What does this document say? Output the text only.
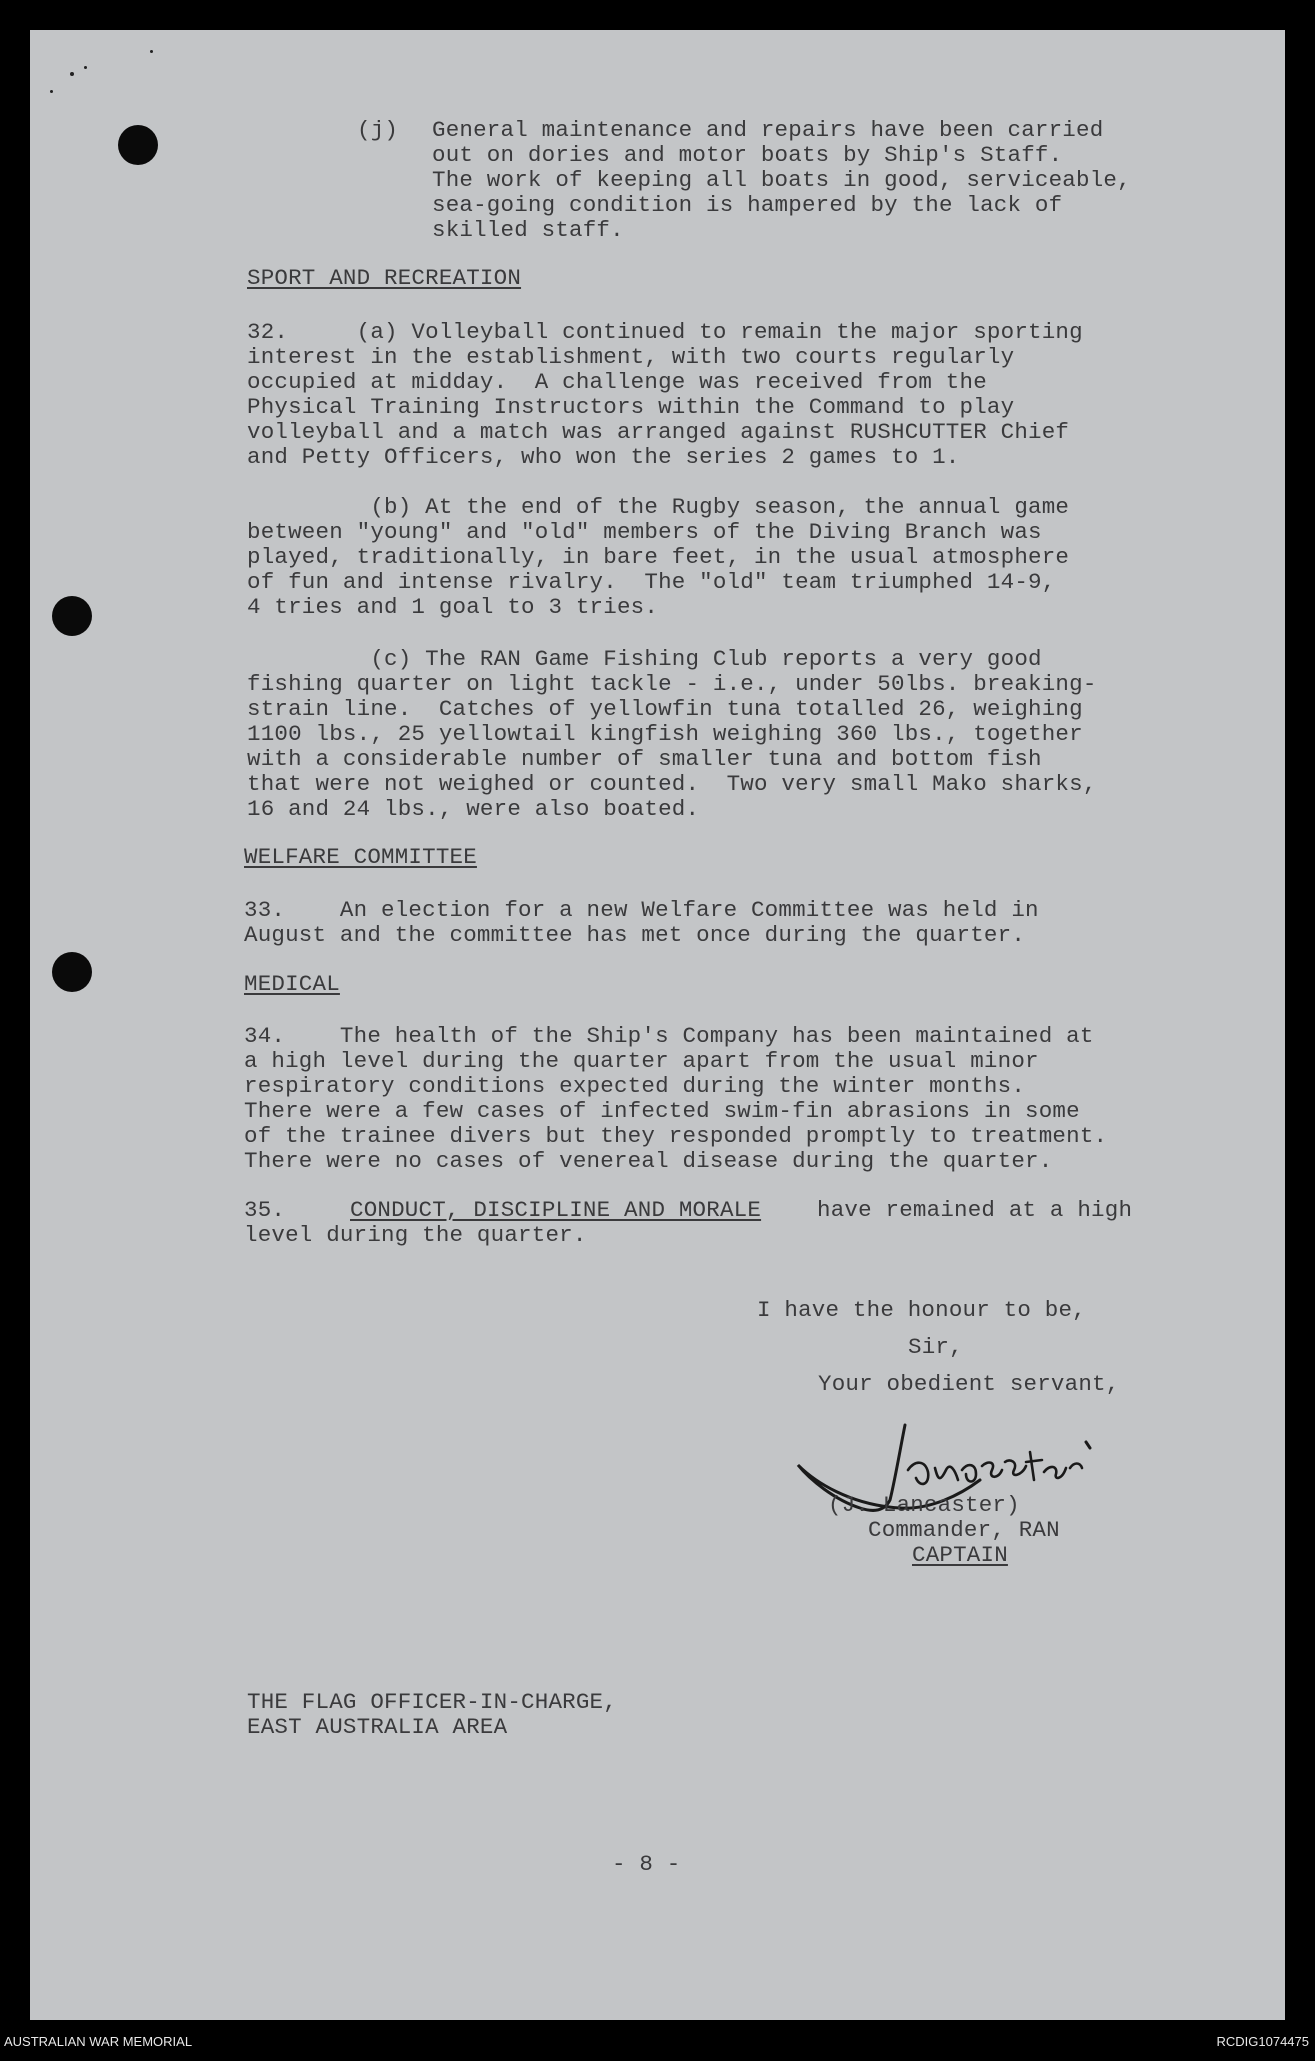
(j) General maintenance and repairs have been carried
out on dories and motor boats by Ship's Staff.
The work of keeping all boats in good, serviceable,
sea-going condition is hampered by the lack of
skilled staff.
SPORT AND RECREATION
32.     (a) Volleyball continued to remain the major sporting
interest in the establishment, with two courts regularly
occupied at midday.  A challenge was received from the
Physical Training Instructors within the Command to play
volleyball and a match was arranged against RUSHCUTTER Chief
and Petty Officers, who won the series 2 games to 1.
(b) At the end of the Rugby season, the annual game
between "young" and "old" members of the Diving Branch was
played, traditionally, in bare feet, in the usual atmosphere
of fun and intense rivalry.  The "old" team triumphed 14-9,
4 tries and 1 goal to 3 tries.
(c) The RAN Game Fishing Club reports a very good
fishing quarter on light tackle - i.e., under 50lbs. breaking-
strain line.  Catches of yellowfin tuna totalled 26, weighing
1100 lbs., 25 yellowtail kingfish weighing 360 lbs., together
with a considerable number of smaller tuna and bottom fish
that were not weighed or counted.  Two very small Mako sharks,
16 and 24 lbs., were also boated.
WELFARE COMMITTEE
33.    An election for a new Welfare Committee was held in
August and the committee has met once during the quarter.
MEDICAL
34.    The health of the Ship's Company has been maintained at
a high level during the quarter apart from the usual minor
respiratory conditions expected during the winter months.
There were a few cases of infected swim-fin abrasions in some
of the trainee divers but they responded promptly to treatment.
There were no cases of venereal disease during the quarter.
35.	CONDUCT, DISCIPLINE AND MORALE have remained at a high
level during the quarter.
I have the honour to be,
Sir,
Your obedient servant,
(J. Lancaster)
Commander, RAN
CAPTAIN
THE FLAG OFFICER-IN-CHARGE,
EAST AUSTRALIA AREA
- 8 -
AUSTRALIAN WAR MEMORIAL	RCDIG1074475
